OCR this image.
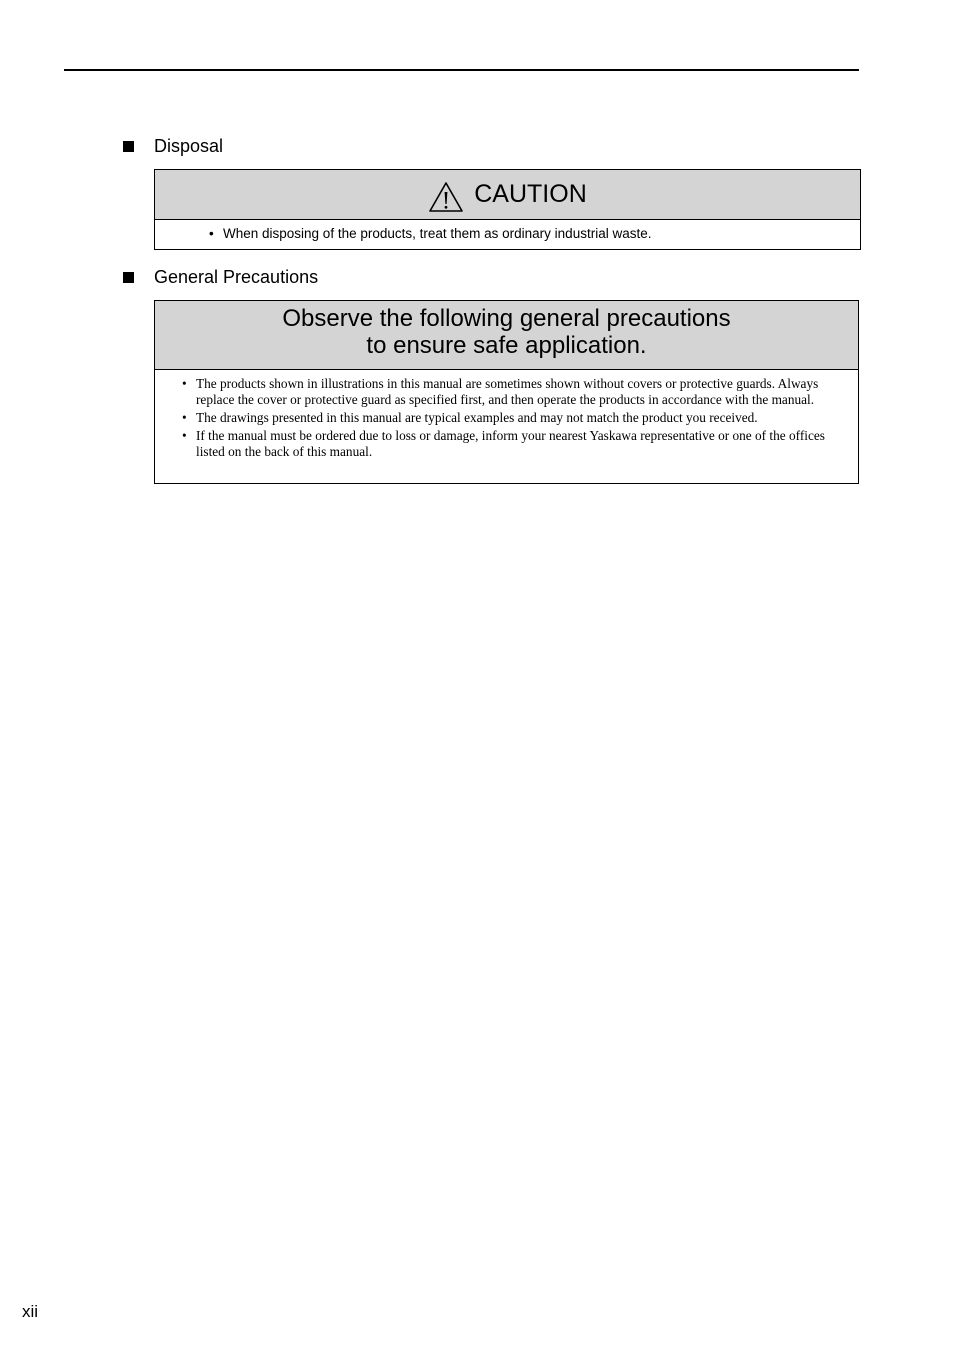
Disposal
CAUTION
• When disposing of the products, treat them as ordinary industrial waste.
General Precautions
Observe the following general precautions
to ensure safe application.
• The products shown in illustrations in this manual are sometimes shown without covers or protective guards. Always replace the cover or protective guard as specified first, and then operate the products in accordance with the manual.
• The drawings presented in this manual are typical examples and may not match the product you received.
• If the manual must be ordered due to loss or damage, inform your nearest Yaskawa representative or one of the offices listed on the back of this manual.
xii
